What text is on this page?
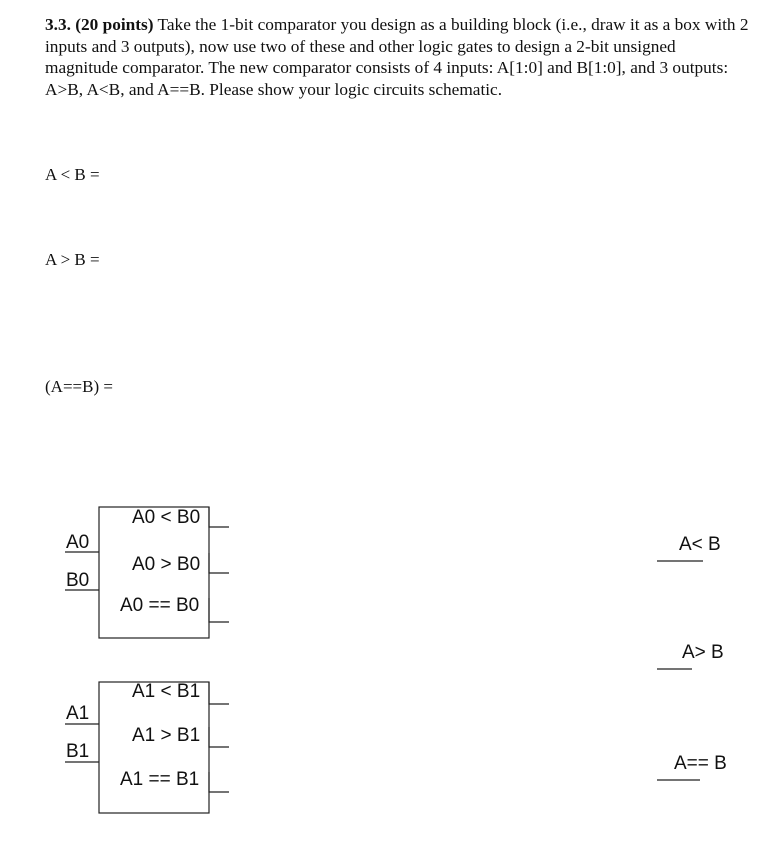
3.3. (20 points) Take the 1-bit comparator you design as a building block (i.e., draw it as a box with 2 inputs and 3 outputs), now use two of these and other logic gates to design a 2-bit unsigned magnitude comparator. The new comparator consists of 4 inputs: A[1:0] and B[1:0], and 3 outputs: A>B, A<B, and A==B. Please show your logic circuits schematic.
A < B =
A > B =
(A==B) =
A0
B0
A0 < B0
A0 > B0
A0 == B0
A1
B1
A1 < B1
A1 > B1
A1 == B1
A< B
A> B
A== B
